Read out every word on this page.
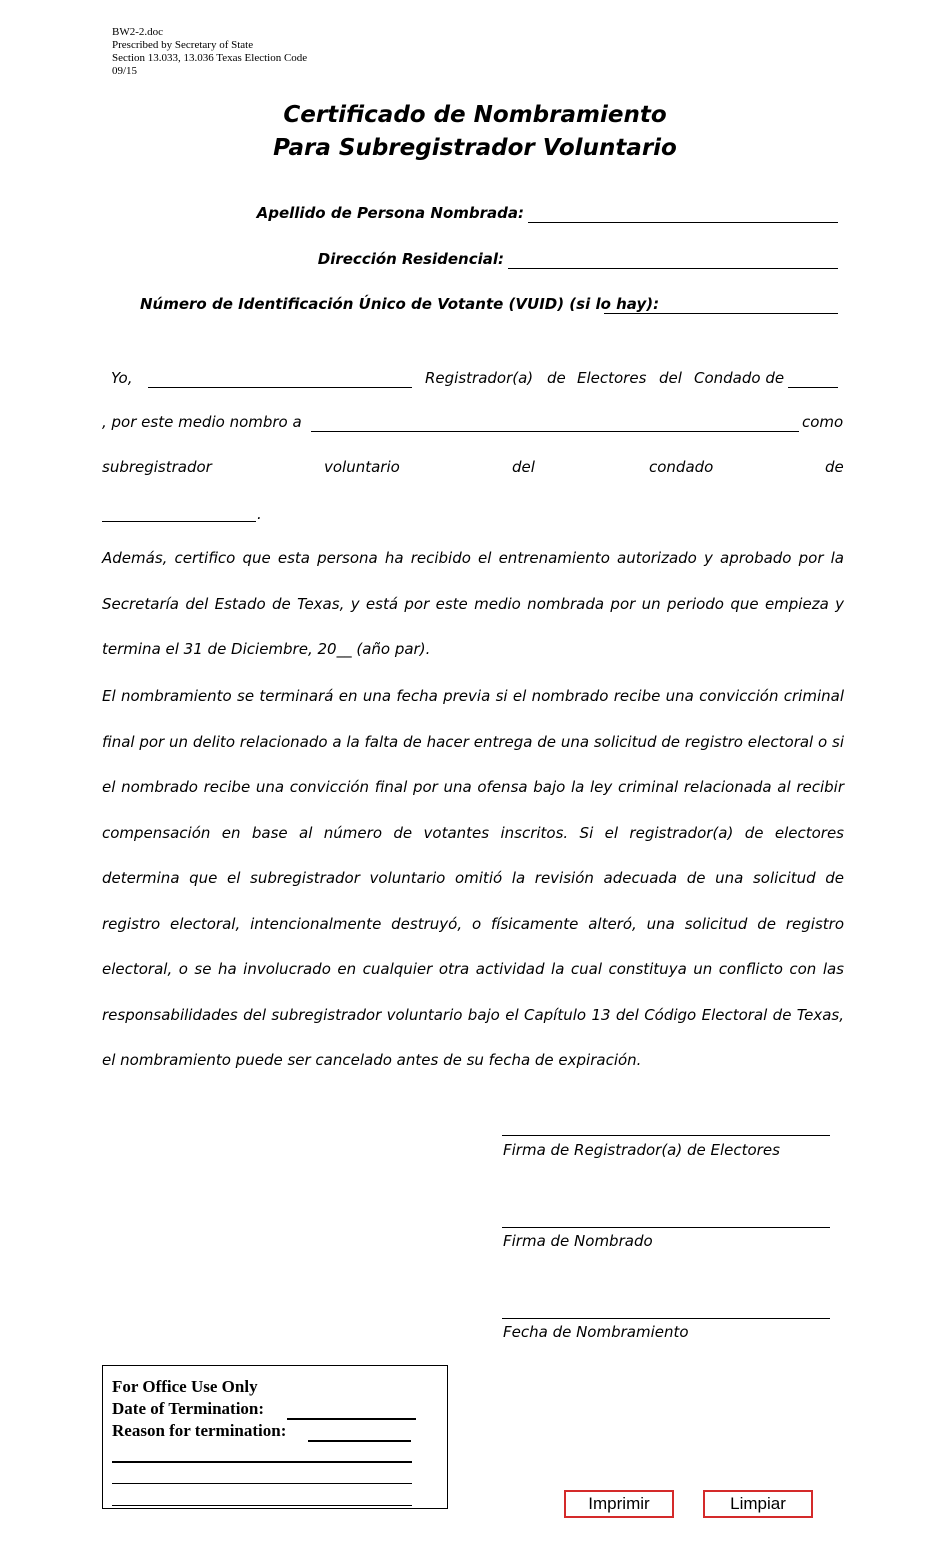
BW2-2.doc
Prescribed by Secretary of State
Section 13.033, 13.036 Texas Election Code
09/15
Certificado de Nombramiento
Para Subregistrador Voluntario
Apellido de Persona Nombrada:
Dirección Residencial:
Número de Identificación Único de Votante (VUID) (si lo hay):
Yo,	Registrador(a) de Electores del Condado de
, por este medio nombro a	como
subregistrador	voluntario	del	condado	de
.
Además, certifico que esta persona ha recibido el entrenamiento autorizado y aprobado por la Secretaría del Estado de Texas, y está por este medio nombrada por un periodo que empieza y termina el 31 de Diciembre, 20__ (año par).
El nombramiento se terminará en una fecha previa si el nombrado recibe una convicción criminal final por un delito relacionado a la falta de hacer entrega de una solicitud de registro electoral o si el nombrado recibe una convicción final por una ofensa bajo la ley criminal relacionada al recibir compensación en base al número de votantes inscritos. Si el registrador(a) de electores determina que el subregistrador voluntario omitió la revisión adecuada de una solicitud de registro electoral, intencionalmente destruyó, o físicamente alteró, una solicitud de registro electoral, o se ha involucrado en cualquier otra actividad la cual constituya un conflicto con las responsabilidades del subregistrador voluntario bajo el Capítulo 13 del Código Electoral de Texas, el nombramiento puede ser cancelado antes de su fecha de expiración.
Firma de Registrador(a) de Electores
Firma de Nombrado
Fecha de Nombramiento
For Office Use Only
Date of Termination:
Reason for termination:
Imprimir	Limpiar
